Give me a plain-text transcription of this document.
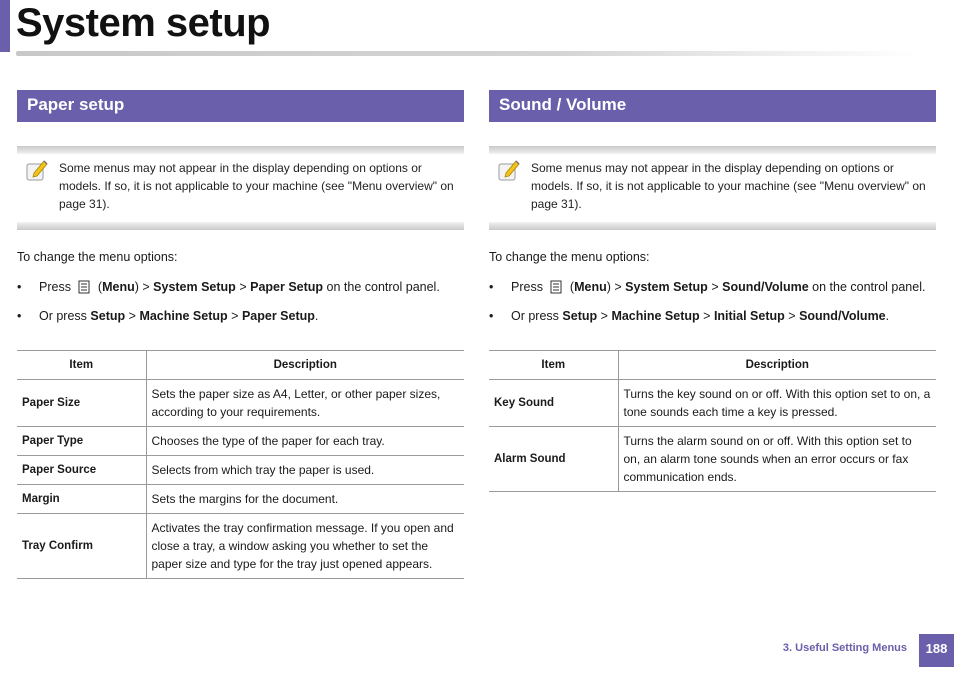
System setup
Paper setup
Some menus may not appear in the display depending on options or models. If so, it is not applicable to your machine (see "Menu overview" on page 31).
To change the menu options:
• Press (Menu) > System Setup > Paper Setup on the control panel.
• Or press Setup > Machine Setup > Paper Setup.
Item	Description
Paper Size	Sets the paper size as A4, Letter, or other paper sizes, according to your requirements.
Paper Type	Chooses the type of the paper for each tray.
Paper Source	Selects from which tray the paper is used.
Margin	Sets the margins for the document.
Tray Confirm	Activates the tray confirmation message. If you open and close a tray, a window asking you whether to set the paper size and type for the tray just opened appears.
Sound / Volume
Some menus may not appear in the display depending on options or models. If so, it is not applicable to your machine (see "Menu overview" on page 31).
To change the menu options:
• Press (Menu) > System Setup > Sound/Volume on the control panel.
• Or press Setup > Machine Setup > Initial Setup > Sound/Volume.
Item	Description
Key Sound	Turns the key sound on or off. With this option set to on, a tone sounds each time a key is pressed.
Alarm Sound	Turns the alarm sound on or off. With this option set to on, an alarm tone sounds when an error occurs or fax communication ends.
3. Useful Setting Menus	188
